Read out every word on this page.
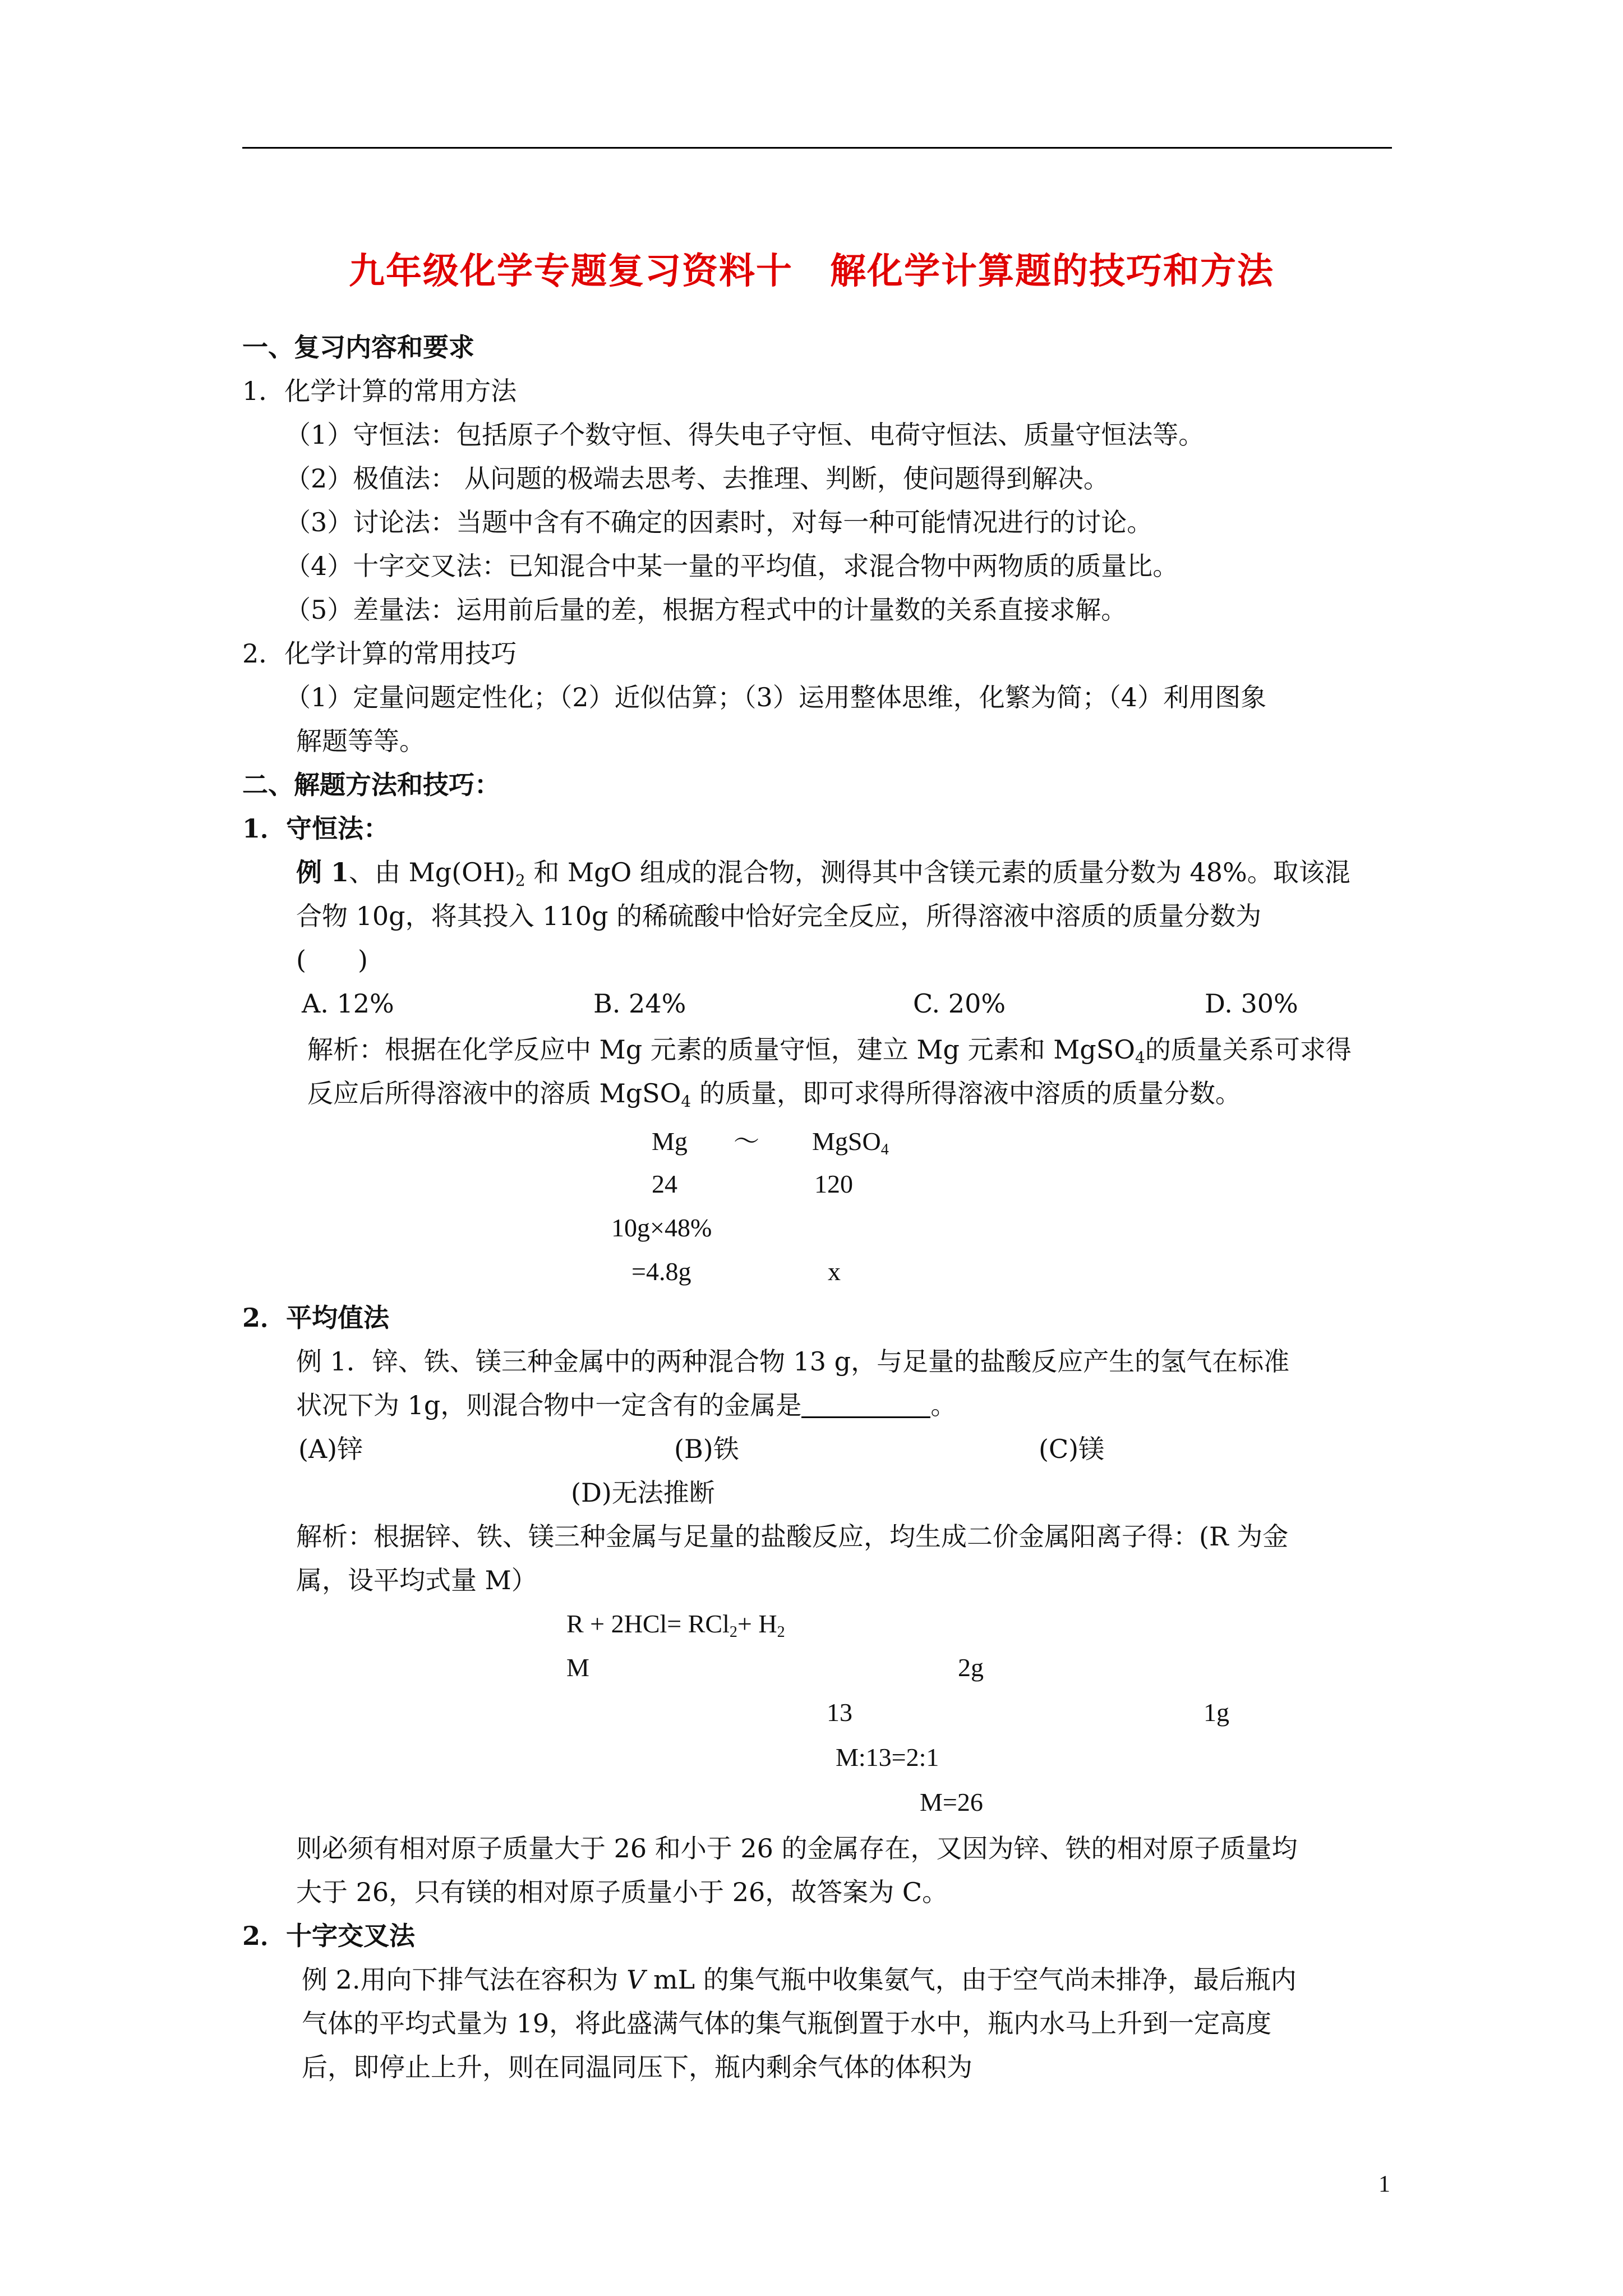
九年级化学专题复习资料十　解化学计算题的技巧和方法
一、复习内容和要求
1．化学计算的常用方法
（1）守恒法：包括原子个数守恒、得失电子守恒、电荷守恒法、质量守恒法等。
（2）极值法： 从问题的极端去思考、去推理、判断，使问题得到解决。
（3）讨论法：当题中含有不确定的因素时，对每一种可能情况进行的讨论。
（4）十字交叉法：已知混合中某一量的平均值，求混合物中两物质的质量比。
（5）差量法：运用前后量的差，根据方程式中的计量数的关系直接求解。
2．化学计算的常用技巧
（1）定量问题定性化；（2）近似估算；（3）运用整体思维，化繁为简；（4）利用图象
解题等等。
二、解题方法和技巧：
1．守恒法：
例 1、由 $Mg(OH)_2$ 和 MgO 组成的混合物，测得其中含镁元素的质量分数为 48%。取该混
合物 10g，将其投入 110g 的稀硫酸中恰好完全反应，所得溶液中溶质的质量分数为
(　　)
A. 12%	B. 24%	C. 20%	D. 30%
解析：根据在化学反应中 Mg 元素的质量守恒，建立 Mg 元素和 MgSO$_4$的质量关系可求得
反应后所得溶液中的溶质 MgSO$_4$ 的质量，即可求得所得溶液中溶质的质量分数。
Mg ～ MgSO$_4$
24	120
10g×48%
=4.8g	x
2．平均值法
例 1．锌、铁、镁三种金属中的两种混合物 13 g，与足量的盐酸反应产生的氢气在标准
状况下为 1g，则混合物中一定含有的金属是	。
(A)锌	(B)铁	(C)镁
(D)无法推断
解析：根据锌、铁、镁三种金属与足量的盐酸反应，均生成二价金属阳离子得：(R 为金
属，设平均式量 M）
$R + 2HCl= RCl_2+ H_2$
M	2g
13	1g
M:13=2:1
M=26
则必须有相对原子质量大于 26 和小于 26 的金属存在，又因为锌、铁的相对原子质量均
大于 26，只有镁的相对原子质量小于 26，故答案为 C。
2．十字交叉法
例 2.用向下排气法在容积为 V mL 的集气瓶中收集氨气，由于空气尚未排净，最后瓶内
气体的平均式量为 19，将此盛满气体的集气瓶倒置于水中，瓶内水马上升到一定高度
后，即停止上升，则在同温同压下，瓶内剩余气体的体积为
1
